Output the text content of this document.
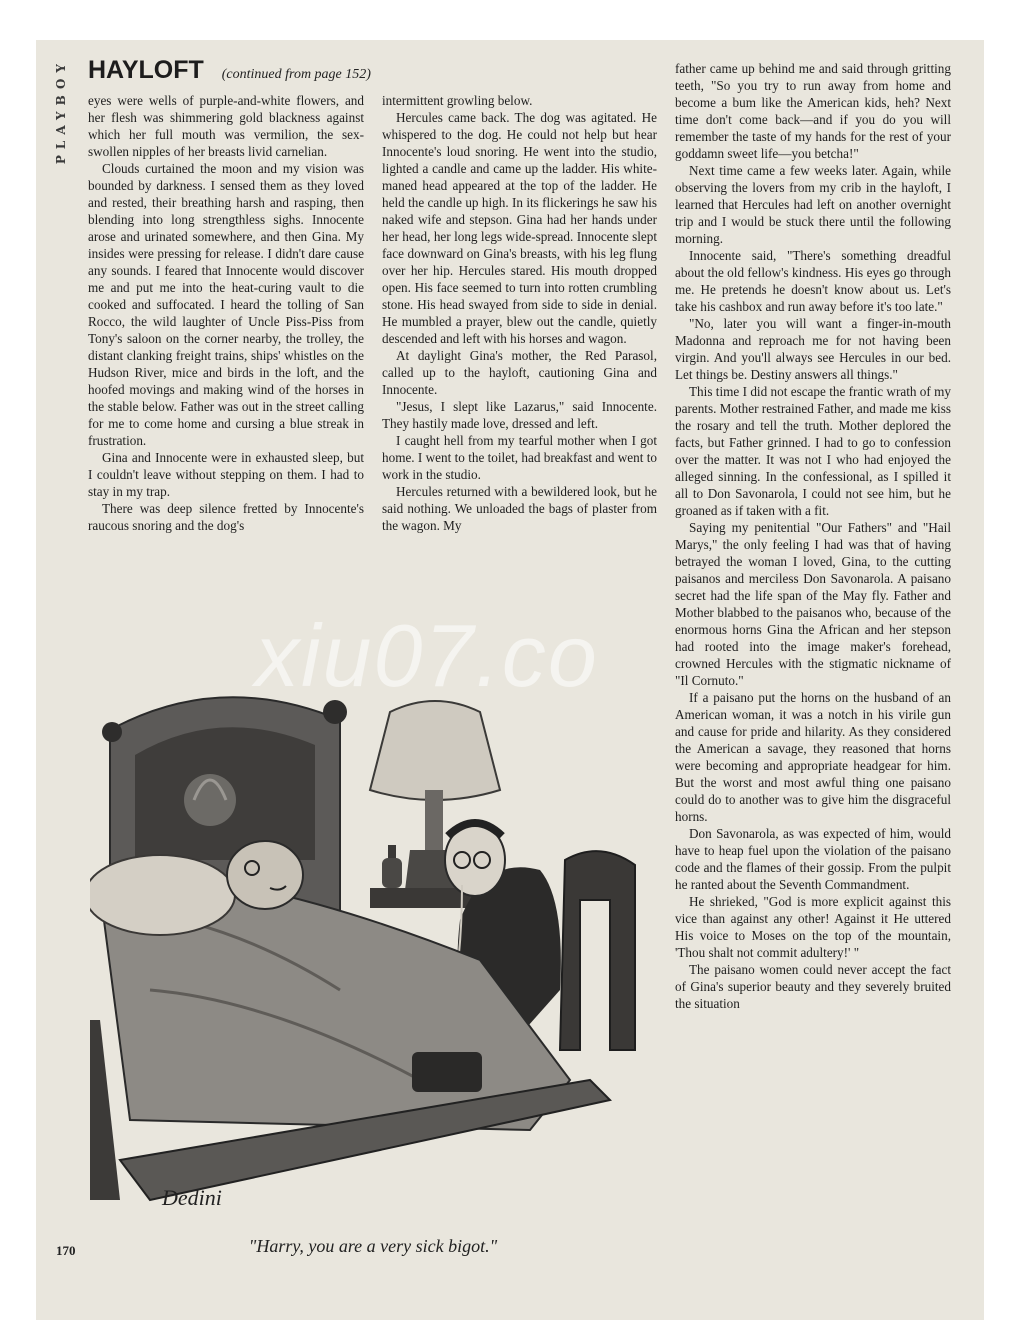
PLAYBOY HAYLOFT (continued from page 152)

eyes were wells of purple-and-white flowers, and her flesh was shimmering gold blackness against which her full mouth was vermilion, the sex-swollen nipples of her breasts livid carnelian.

Clouds curtained the moon and my vision was bounded by darkness. I sensed them as they loved and rested, their breathing harsh and rasping, then blending into long strengthless sighs. Innocente arose and urinated somewhere, and then Gina. My insides were pressing for release. I didn't dare cause any sounds. I feared that Innocente would discover me and put me into the heat-curing vault to die cooked and suffocated. I heard the tolling of San Rocco, the wild laughter of Uncle Piss-Piss from Tony's saloon on the corner nearby, the trolley, the distant clanking freight trains, ships' whistles on the Hudson River, mice and birds in the loft, and the hoofed movings and making wind of the horses in the stable below. Father was out in the street calling for me to come home and cursing a blue streak in frustration.

Gina and Innocente were in exhausted sleep, but I couldn't leave without stepping on them. I had to stay in my trap.

There was deep silence fretted by Innocente's raucous snoring and the dog's

intermittent growling below.

Hercules came back. The dog was agitated. He whispered to the dog. He could not help but hear Innocente's loud snoring. He went into the studio, lighted a candle and came up the ladder. His white-maned head appeared at the top of the ladder. He held the candle up high. In its flickerings he saw his naked wife and stepson. Gina had her hands under her head, her long legs wide-spread. Innocente slept face downward on Gina's breasts, with his leg flung over her hip. Hercules stared. His mouth dropped open. His face seemed to turn into rotten crumbling stone. His head swayed from side to side in denial. He mumbled a prayer, blew out the candle, quietly descended and left with his horses and wagon.

At daylight Gina's mother, the Red Parasol, called up to the hayloft, cautioning Gina and Innocente.

"Jesus, I slept like Lazarus," said Innocente. They hastily made love, dressed and left.

I caught hell from my tearful mother when I got home. I went to the toilet, had breakfast and went to work in the studio.

Hercules returned with a bewildered look, but he said nothing. We unloaded the bags of plaster from the wagon. My

father came up behind me and said through gritting teeth, "So you try to run away from home and become a bum like the American kids, heh? Next time don't come back—and if you do you will remember the taste of my hands for the rest of your goddamn sweet life—you betcha!"

Next time came a few weeks later. Again, while observing the lovers from my crib in the hayloft, I learned that Hercules had left on another overnight trip and I would be stuck there until the following morning.

Innocente said, "There's something dreadful about the old fellow's kindness. His eyes go through me. He pretends he doesn't know about us. Let's take his cashbox and run away before it's too late."

"No, later you will want a finger-in-mouth Madonna and reproach me for not having been virgin. And you'll always see Hercules in our bed. Let things be. Destiny answers all things."

This time I did not escape the frantic wrath of my parents. Mother restrained Father, and made me kiss the rosary and tell the truth. Mother deplored the facts, but Father grinned. I had to go to confession over the matter. It was not I who had enjoyed the alleged sinning. In the confessional, as I spilled it all to Don Savonarola, I could not see him, but he groaned as if taken with a fit.

Saying my penitential "Our Fathers" and "Hail Marys," the only feeling I had was that of having betrayed the woman I loved, Gina, to the cutting paisanos and merciless Don Savonarola. A paisano secret had the life span of the May fly. Father and Mother blabbed to the paisanos who, because of the enormous horns Gina the African and her stepson had rooted into the image maker's forehead, crowned Hercules with the stigmatic nickname of "Il Cornuto."

If a paisano put the horns on the husband of an American woman, it was a notch in his virile gun and cause for pride and hilarity. As they considered the American a savage, they reasoned that horns were becoming and appropriate headgear for him. But the worst and most awful thing one paisano could do to another was to give him the disgraceful horns.

Don Savonarola, as was expected of him, would have to heap fuel upon the violation of the paisano code and the flames of their gossip. From the pulpit he ranted about the Seventh Commandment.

He shrieked, "God is more explicit against this vice than against any other! Against it He uttered His voice to Moses on the top of the mountain, 'Thou shalt not commit adultery!' "

The paisano women could never accept the fact of Gina's superior beauty and they severely bruited the situation

Dedini
"Harry, you are a very sick bigot."
170
xiu07.co
